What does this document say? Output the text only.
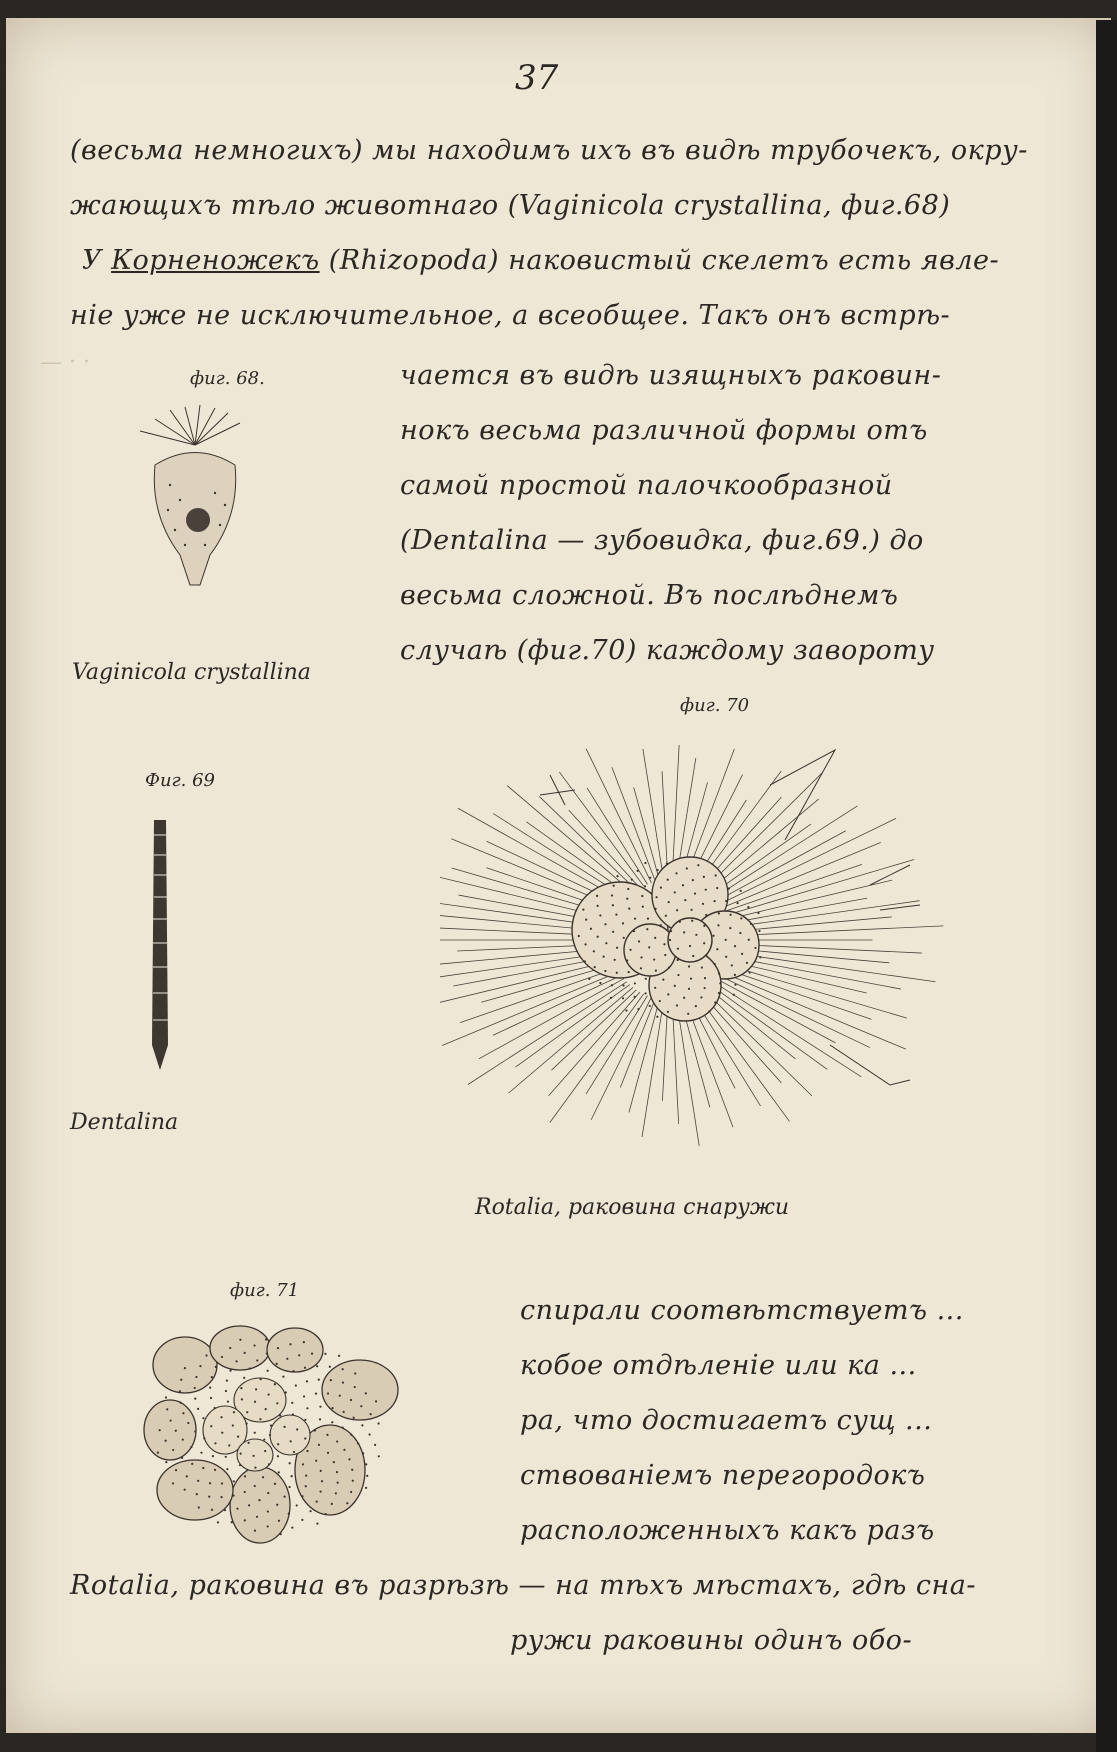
— · ·
37
(весьма немногихъ) мы находимъ ихъ въ видѣ трубочекъ, окру-
жающихъ тѣло животнаго (Vaginicola crystallina, фиг.68)
У Корненожекъ (Rhizopoda) наковистый скелетъ есть явле-
ніе уже не исключительное, а всеобщее. Такъ онъ встрѣ-
чается въ видѣ изящныхъ раковин-
нокъ весьма различной формы отъ
самой простой палочкообразной
(Dentalina — зубовидка, фиг.69.) до
весьма сложной. Въ послѣднемъ
случаѣ (фиг.70) каждому завороту
фиг. 68.
Vaginicola crystallina
фиг. 70
Фиг. 69
Dentalina
Rotalia, раковина снаружи
фиг. 71
спирали соотвѣтствуетъ ...
кобое отдѣленіе или ка ...
ра, что достигаетъ сущ ...
ствованіемъ перегородокъ
расположенныхъ какъ разъ
Rotalia, раковина въ разрѣзѣ — на тѣхъ мѣстахъ, гдѣ сна-
ружи раковины одинъ обо-
